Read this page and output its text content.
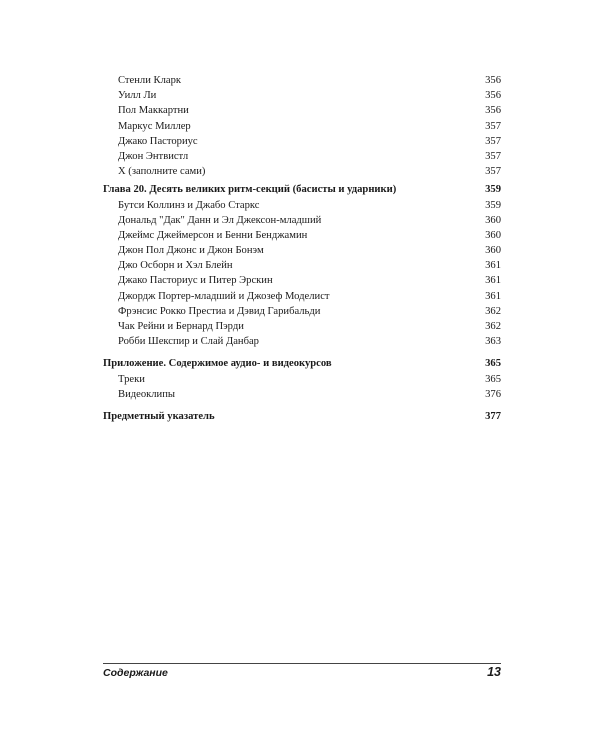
Стенли Кларк	356
Уилл Ли	356
Пол Маккартни	356
Маркус Миллер	357
Джако Пасториус	357
Джон Энтвистл	357
Х (заполните сами)	357
Глава 20. Десять великих ритм-секций (басисты и ударники)	359
Бутси Коллинз и Джабо Старкс	359
Дональд "Дак" Данн и Эл Джексон-младший	360
Джеймс Джеймерсон и Бенни Бенджамин	360
Джон Пол Джонс и Джон Бонэм	360
Джо Осборн и Хэл Блейн	361
Джако Пасториус и Питер Эрскин	361
Джордж Портер-младший и Джозеф Моделист	361
Фрэнсис Рокко Престиа и Дэвид Гарибальди	362
Чак Рейни и Бернард Пэрди	362
Робби Шекспир и Слай Данбар	363
Приложение. Содержимое аудио- и видеокурсов	365
Треки	365
Видеоклипы	376
Предметный указатель	377
Содержание	13
